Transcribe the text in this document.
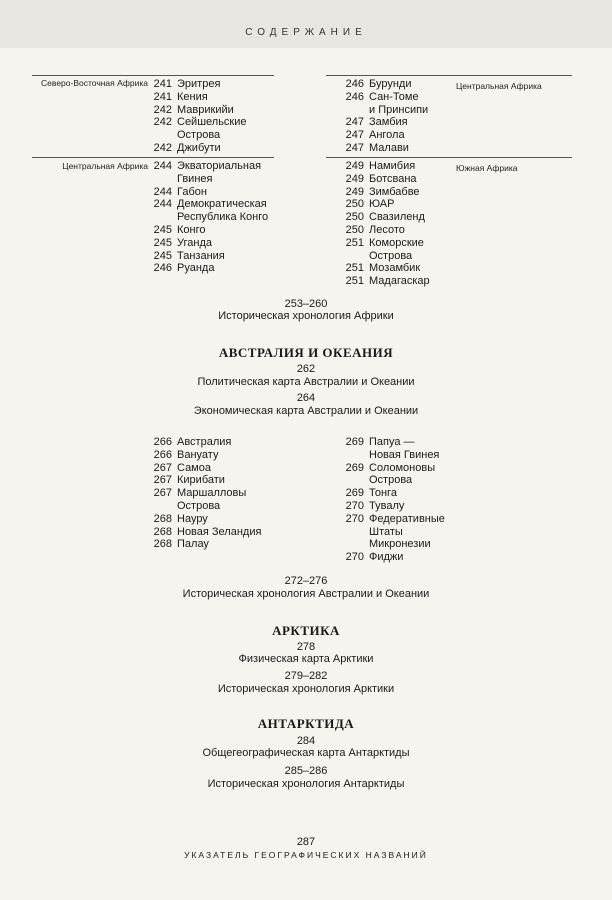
СОДЕРЖАНИЕ
Северо-Восточная Африка 241 Эритрея
241 Кения
242 Маврикийи
242 Сейшельские
Острова
242 Джибути
Центральная Африка 244 Экваториальная
Гвинея
244 Габон
244 Демократическая
Республика Конго
245 Конго
245 Уганда
245 Танзания
246 Руанда
246 Бурунди
246 Сан-Томе
и Принсипи
247 Замбия
247 Ангола
247 Малави
Центральная Африка
249 Намибия
249 Ботсвана
249 Зимбабве
250 ЮАР
250 Свазиленд
250 Лесото
251 Коморские
Острова
251 Мозамбик
251 Мадагаскар
Южная Африка
253–260
Историческая хронология Африки
АВСТРАЛИЯ И ОКЕАНИЯ
262
Политическая карта Австралии и Океании
264
Экономическая карта Австралии и Океании
266 Австралия
266 Вануату
267 Самоа
267 Кирибати
267 Маршалловы
Острова
268 Науру
268 Новая Зеландия
268 Палау
269 Папуа —
Новая Гвинея
269 Соломоновы
Острова
269 Тонга
270 Тувалу
270 Федеративные
Штаты
Микронезии
270 Фиджи
272–276
Историческая хронология Австралии и Океании
АРКТИКА
278
Физическая карта Арктики
279–282
Историческая хронология Арктики
АНТАРКТИДА
284
Общегеографическая карта Антарктиды
285–286
Историческая хронология Антарктиды
287
УКАЗАТЕЛЬ ГЕОГРАФИЧЕСКИХ НАЗВАНИЙ
